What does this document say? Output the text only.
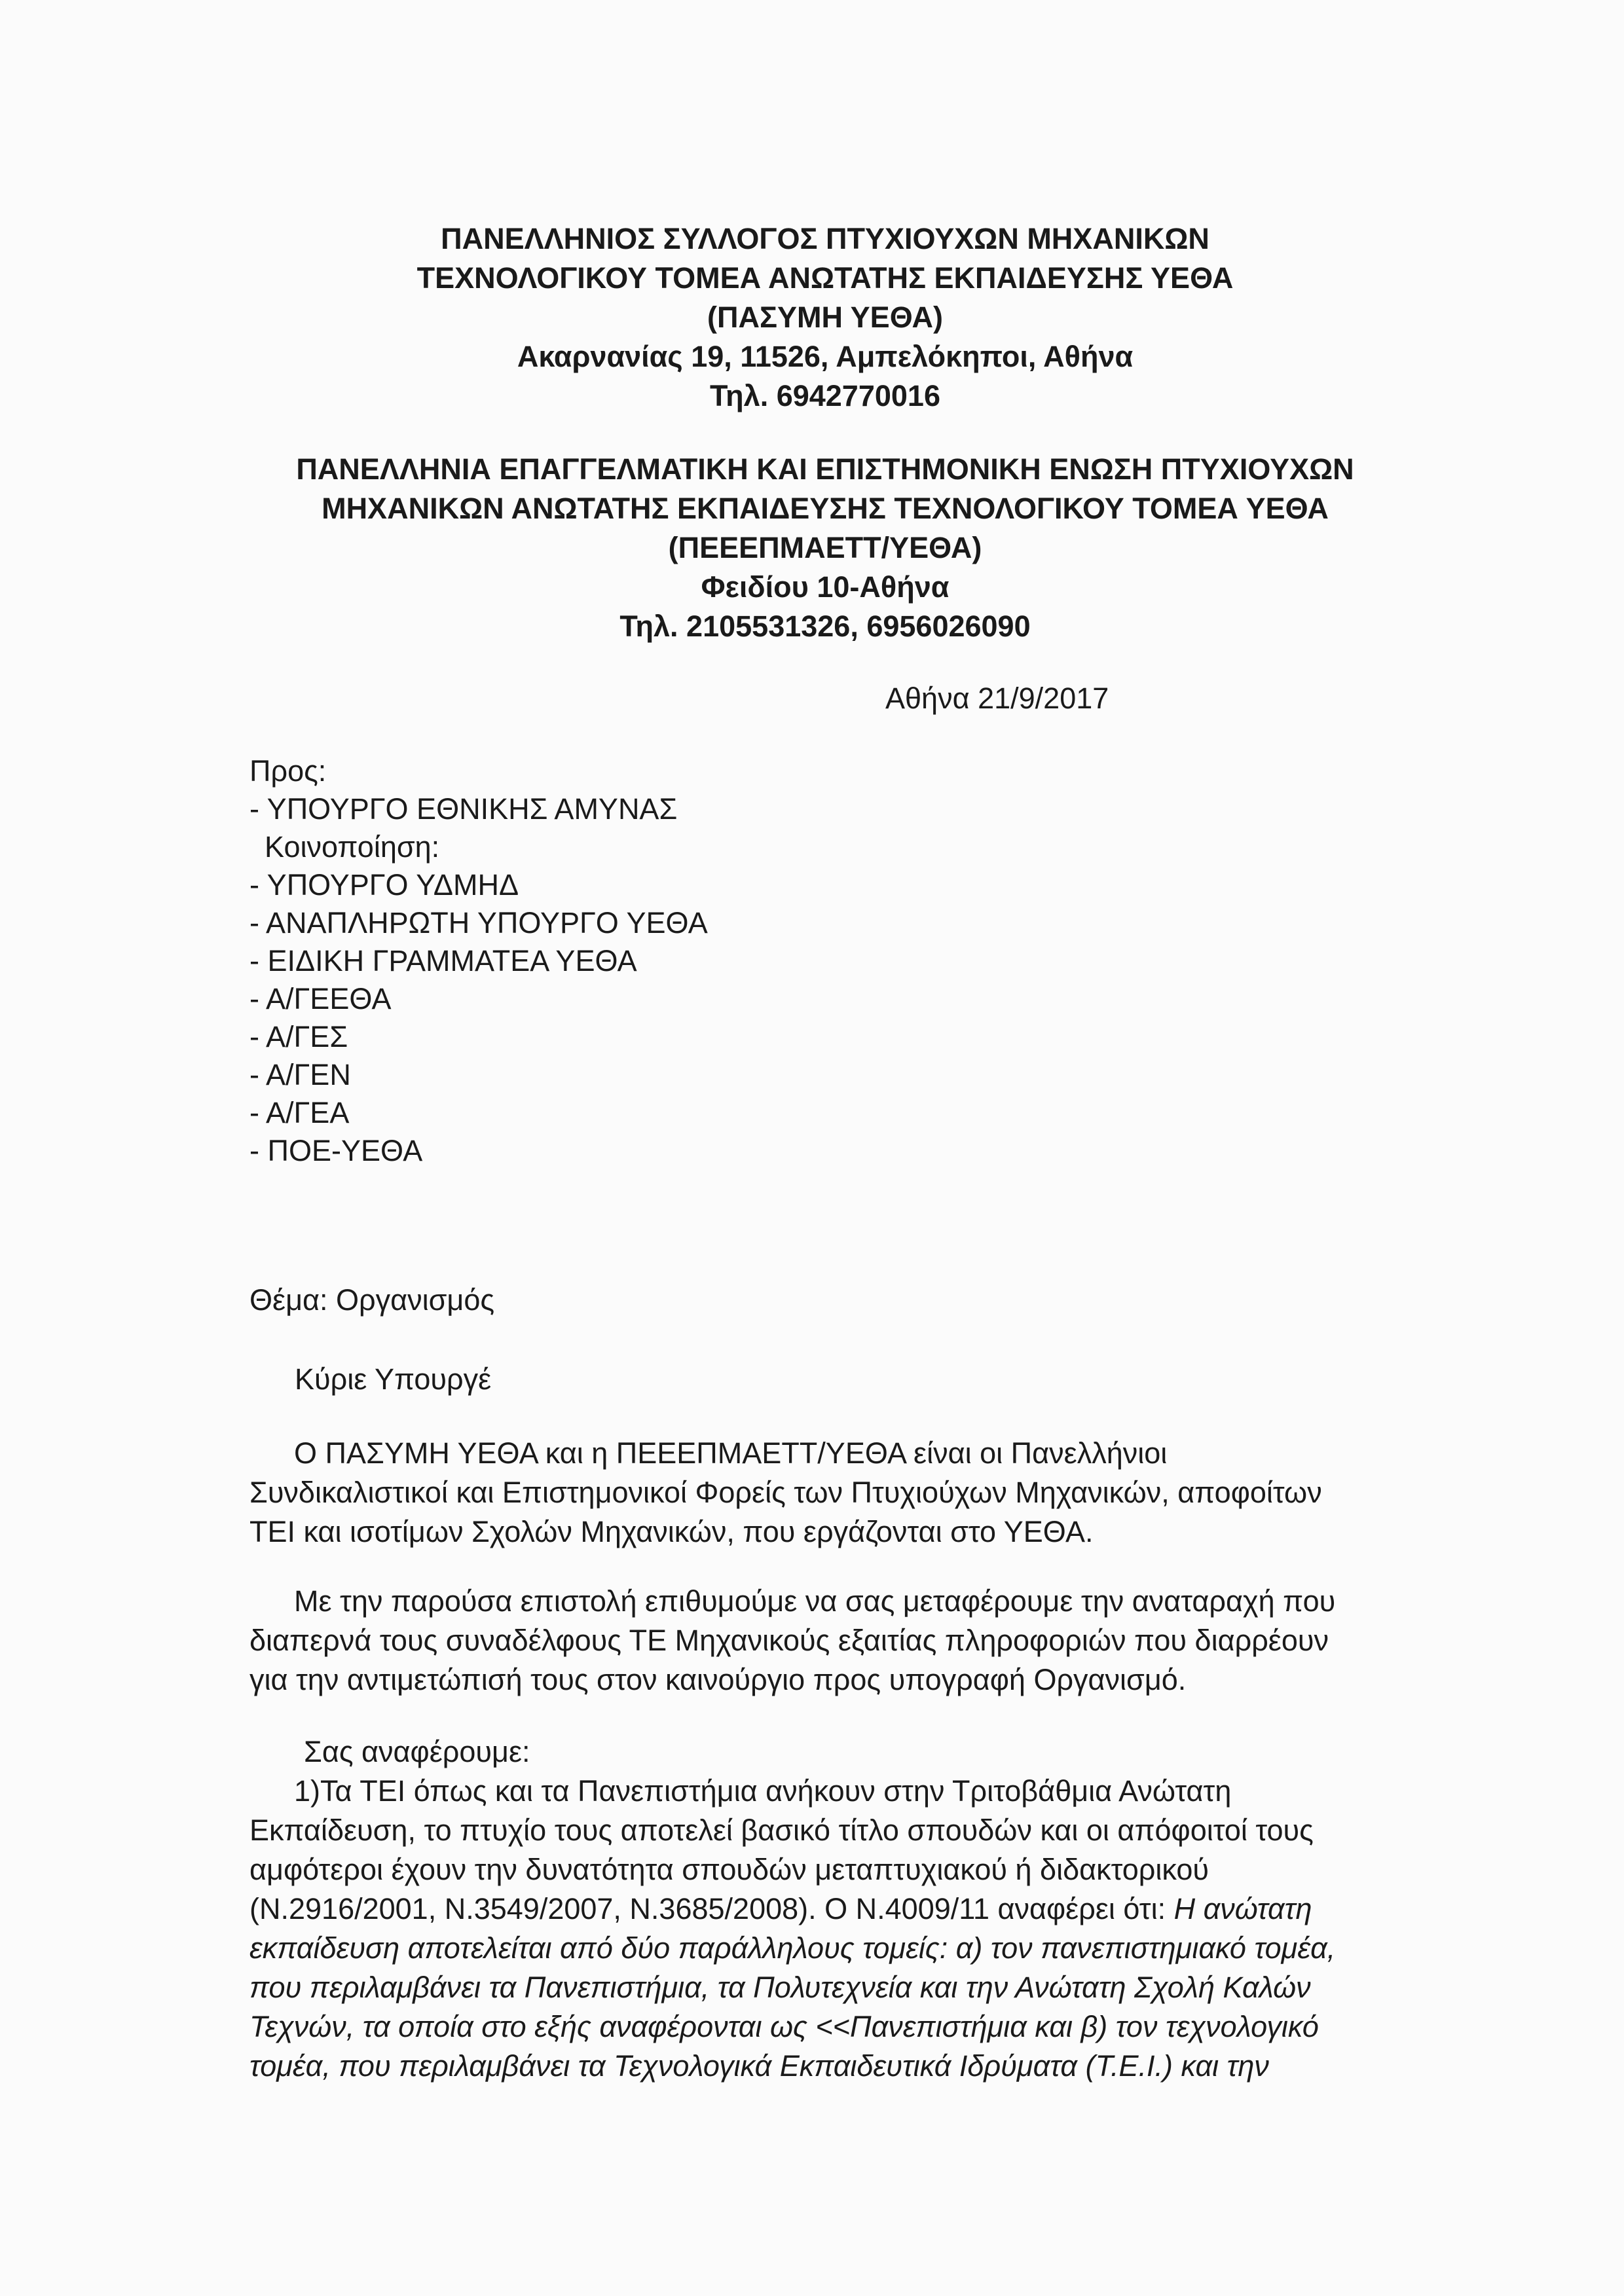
ΠΑΝΕΛΛΗΝΙΟΣ ΣΥΛΛΟΓΟΣ ΠΤΥΧΙΟΥΧΩΝ ΜΗΧΑΝΙΚΩΝ
ΤΕΧΝΟΛΟΓΙΚΟΥ ΤΟΜΕΑ ΑΝΩΤΑΤΗΣ ΕΚΠΑΙΔΕΥΣΗΣ ΥΕΘΑ
(ΠΑΣΥΜΗ ΥΕΘΑ)
Ακαρνανίας 19, 11526, Αμπελόκηποι, Αθήνα
Τηλ. 6942770016
ΠΑΝΕΛΛΗΝΙΑ ΕΠΑΓΓΕΛΜΑΤΙΚΗ ΚΑΙ ΕΠΙΣΤΗΜΟΝΙΚΗ ΕΝΩΣΗ ΠΤΥΧΙΟΥΧΩΝ
ΜΗΧΑΝΙΚΩΝ ΑΝΩΤΑΤΗΣ ΕΚΠΑΙΔΕΥΣΗΣ ΤΕΧΝΟΛΟΓΙΚΟΥ ΤΟΜΕΑ ΥΕΘΑ
(ΠΕΕΕΠΜΑΕΤΤ/ΥΕΘΑ)
Φειδίου 10-Αθήνα
Τηλ. 2105531326, 6956026090
Αθήνα 21/9/2017
Προς:
- ΥΠΟΥΡΓΟ ΕΘΝΙΚΗΣ ΑΜΥΝΑΣ
Κοινοποίηση:
- ΥΠΟΥΡΓΟ ΥΔΜΗΔ
- ΑΝΑΠΛΗΡΩΤΗ ΥΠΟΥΡΓΟ ΥΕΘΑ
- ΕΙΔΙΚΗ ΓΡΑΜΜΑΤΕΑ ΥΕΘΑ
- Α/ΓΕΕΘΑ
- Α/ΓΕΣ
- Α/ΓΕΝ
- Α/ΓΕΑ
- ΠΟΕ-ΥΕΘΑ
Θέμα: Οργανισμός
Κύριε Υπουργέ
Ο ΠΑΣΥΜΗ ΥΕΘΑ και η ΠΕΕΕΠΜΑΕΤΤ/ΥΕΘΑ είναι οι Πανελλήνιοι
Συνδικαλιστικοί και Επιστημονικοί Φορείς των Πτυχιούχων Μηχανικών, αποφοίτων
ΤΕΙ και ισοτίμων Σχολών Μηχανικών, που εργάζονται στο ΥΕΘΑ.
Με την παρούσα επιστολή επιθυμούμε να σας μεταφέρουμε την αναταραχή που
διαπερνά τους συναδέλφους ΤΕ Μηχανικούς εξαιτίας πληροφοριών που διαρρέουν
για την αντιμετώπισή τους στον καινούργιο προς υπογραφή Οργανισμό.
Σας αναφέρουμε:
1)Τα ΤΕΙ όπως και τα Πανεπιστήμια ανήκουν στην Τριτοβάθμια Ανώτατη
Εκπαίδευση, το πτυχίο τους αποτελεί βασικό τίτλο σπουδών και οι απόφοιτοί τους
αμφότεροι έχουν την δυνατότητα σπουδών μεταπτυχιακού ή διδακτορικού
(Ν.2916/2001, Ν.3549/2007, Ν.3685/2008). Ο Ν.4009/11 αναφέρει ότι: Η ανώτατη
εκπαίδευση αποτελείται από δύο παράλληλους τομείς: α) τον πανεπιστημιακό τομέα,
που περιλαμβάνει τα Πανεπιστήμια, τα Πολυτεχνεία και την Ανώτατη Σχολή Καλών
Τεχνών, τα οποία στο εξής αναφέρονται ως <<Πανεπιστήμια και β) τον τεχνολογικό
τομέα, που περιλαμβάνει τα Τεχνολογικά Εκπαιδευτικά Ιδρύματα (Τ.Ε.Ι.) και την
